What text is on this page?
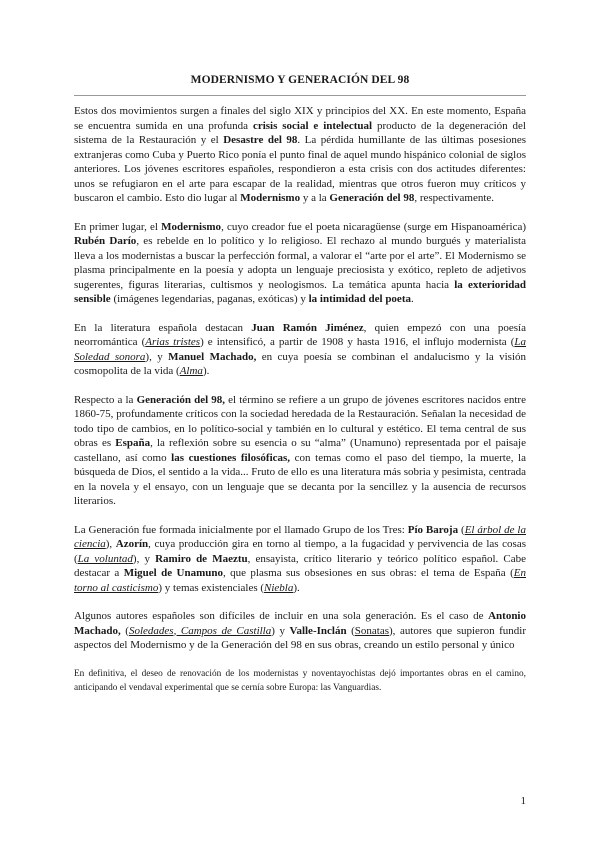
MODERNISMO Y GENERACIÓN DEL 98

Estos dos movimientos surgen a finales del siglo XIX y principios del XX. En este momento, España se encuentra sumida en una profunda crisis social e intelectual producto de la degeneración del sistema de la Restauración y el Desastre del 98. La pérdida humillante de las últimas posesiones extranjeras como Cuba y Puerto Rico ponía el punto final de aquel mundo hispánico colonial de siglos anteriores. Los jóvenes escritores españoles, respondieron a esta crisis con dos actitudes diferentes: unos se refugiaron en el arte para escapar de la realidad, mientras que otros fueron muy críticos y buscaron el cambio. Esto dio lugar al Modernismo y a la Generación del 98, respectivamente.

En primer lugar, el Modernismo, cuyo creador fue el poeta nicaragüense (surge em Hispanoamérica) Rubén Darío, es rebelde en lo político y lo religioso. El rechazo al mundo burgués y materialista lleva a los modernistas a buscar la perfección formal, a valorar el “arte por el arte”. El Modernismo se plasma principalmente en la poesía y adopta un lenguaje preciosista y exótico, repleto de adjetivos sugerentes, figuras literarias, cultismos y neologismos. La temática apunta hacia la exterioridad sensible (imágenes legendarias, paganas, exóticas) y la intimidad del poeta.

En la literatura española destacan Juan Ramón Jiménez, quien empezó con una poesía neorromántica (Arias tristes) e intensificó, a partir de 1908 y hasta 1916, el influjo modernista (La Soledad sonora), y Manuel Machado, en cuya poesía se combinan el andalucismo y la visión cosmopolita de la vida (Alma).

Respecto a la Generación del 98, el término se refiere a un grupo de jóvenes escritores nacidos entre 1860-75, profundamente críticos con la sociedad heredada de la Restauración. Señalan la necesidad de todo tipo de cambios, en lo político-social y también en lo cultural y estético. El tema central de sus obras es España, la reflexión sobre su esencia o su “alma” (Unamuno) representada por el paisaje castellano, así como las cuestiones filosóficas, con temas como el paso del tiempo, la muerte, la búsqueda de Dios, el sentido a la vida... Fruto de ello es una literatura más sobria y pesimista, centrada en la novela y el ensayo, con un lenguaje que se decanta por la sencillez y la ausencia de recursos literarios.

La Generación fue formada inicialmente por el llamado Grupo de los Tres: Pío Baroja (El árbol de la ciencia), Azorín, cuya producción gira en torno al tiempo, a la fugacidad y pervivencia de las cosas (La voluntad), y Ramiro de Maeztu, ensayista, crítico literario y teórico político español. Cabe destacar a Miguel de Unamuno, que plasma sus obsesiones en sus obras: el tema de España (En torno al casticismo) y temas existenciales (Niebla).

Algunos autores españoles son difíciles de incluir en una sola generación. Es el caso de Antonio Machado, (Soledades, Campos de Castilla) y Valle-Inclán (Sonatas), autores que supieron fundir aspectos del Modernismo y de la Generación del 98 en sus obras, creando un estilo personal y único

En definitiva, el deseo de renovación de los modernistas y noventayochistas dejó importantes obras en el camino, anticipando el vendaval experimental que se cernía sobre Europa: las Vanguardias.

1
